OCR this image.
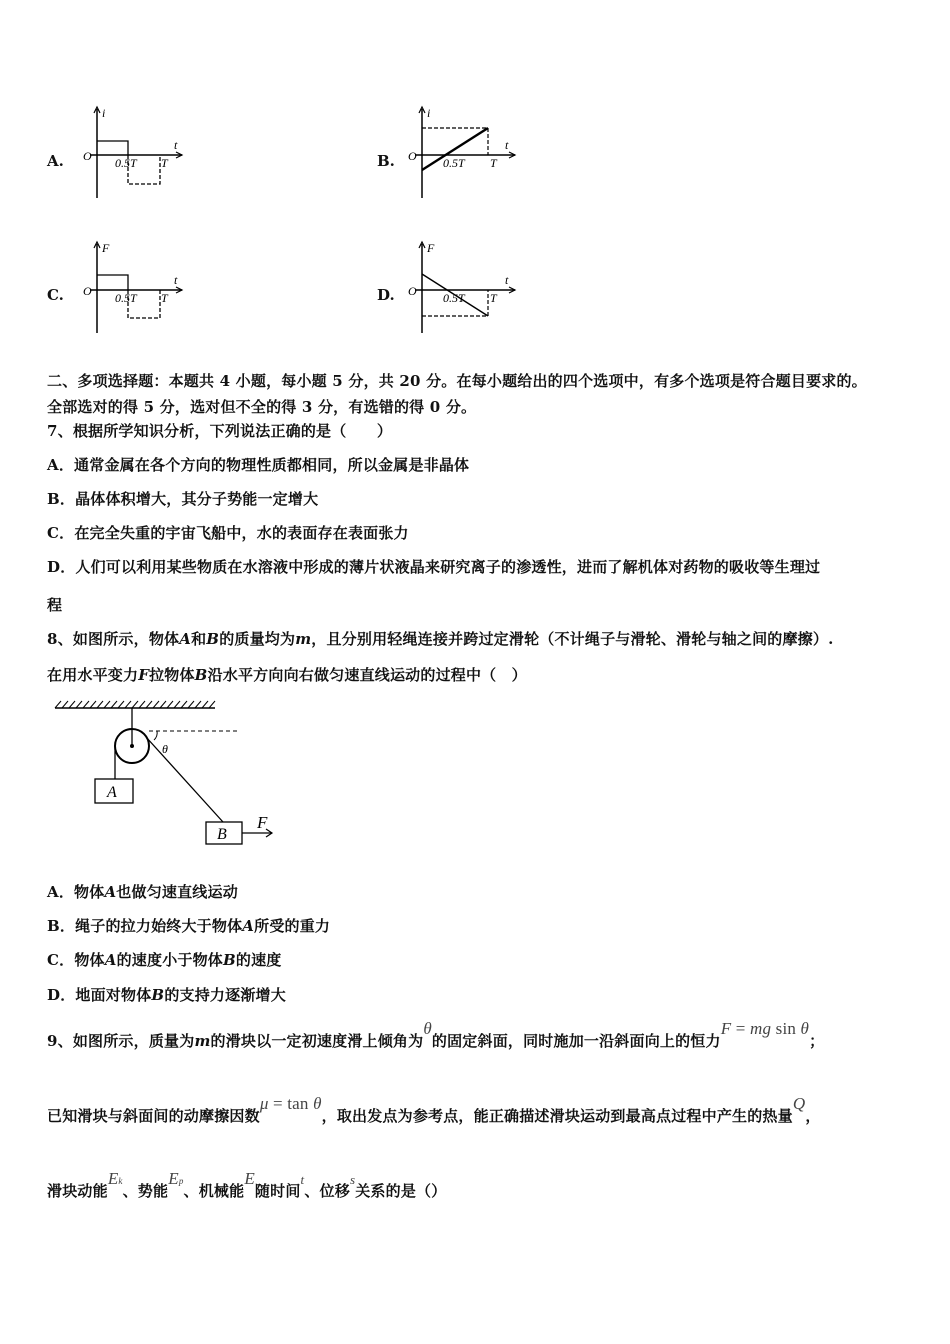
A.
i
t
O 0.5T T	B.
i
t
O 0.5T T
C.
F
t
O 0.5T T	D.
F
t
O 0.5T T
二、多项选择题：本题共 4 小题，每小题 5 分，共 20 分。在每小题给出的四个选项中，有多个选项是符合题目要求的。
全部选对的得 5 分，选对但不全的得 3 分，有选错的得 0 分。
7、根据所学知识分析，下列说法正确的是（　　）
A．通常金属在各个方向的物理性质都相同，所以金属是非晶体
B．晶体体积增大，其分子势能一定增大
C．在完全失重的宇宙飞船中，水的表面存在表面张力
D．人们可以利用某些物质在水溶液中形成的薄片状液晶来研究离子的渗透性，进而了解机体对药物的吸收等生理过
程
8、如图所示，物体A和B的质量均为m，且分别用轻绳连接并跨过定滑轮（不计绳子与滑轮、滑轮与轴之间的摩擦）.
在用水平变力F拉物体B沿水平方向向右做匀速直线运动的过程中（　）
θ
A
B
F
A．物体A也做匀速直线运动
B．绳子的拉力始终大于物体A所受的重力
C．物体A的速度小于物体B的速度
D．地面对物体B的支持力逐渐增大
9、如图所示，质量为m的滑块以一定初速度滑上倾角为θ的固定斜面，同时施加一沿斜面向上的恒力F = mg sin θ；
已知滑块与斜面间的动摩擦因数μ = tan θ，取出发点为参考点，能正确描述滑块运动到最高点过程中产生的热量Q，
滑块动能Ek、势能Ep、机械能E随时间t、位移s关系的是（）
